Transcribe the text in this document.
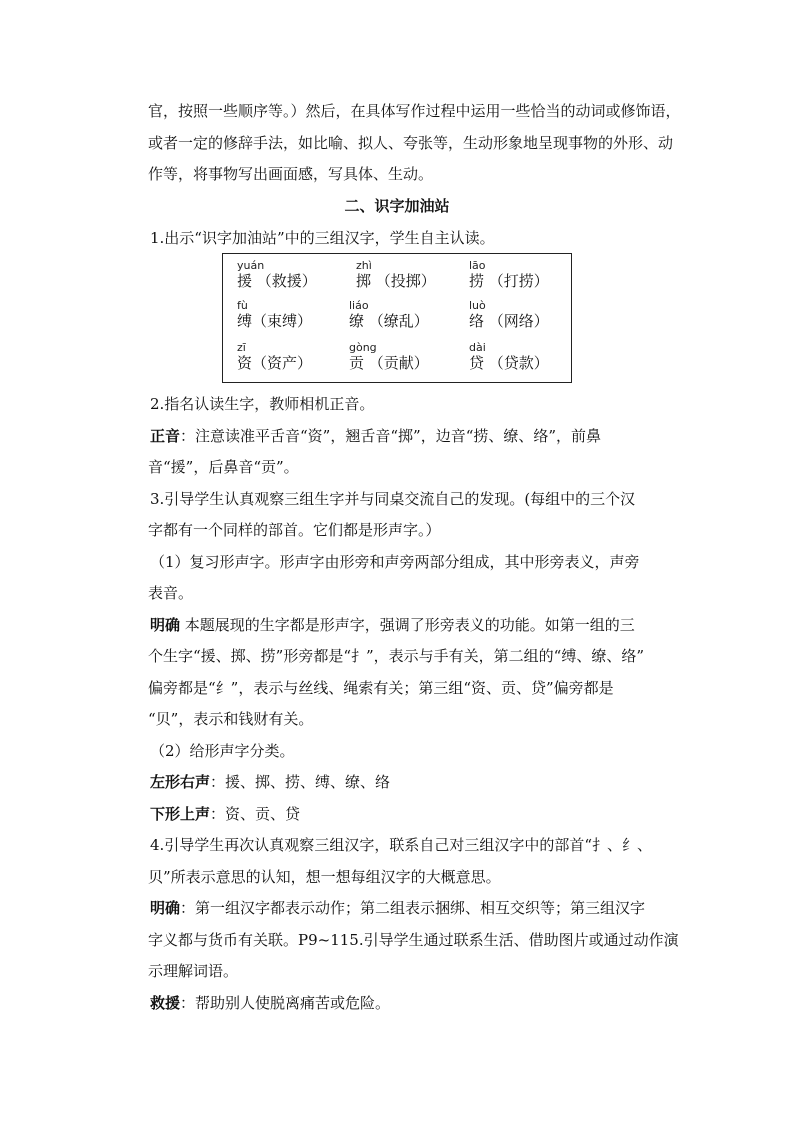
官，按照一些顺序等。）然后，在具体写作过程中运用一些恰当的动词或修饰语，
或者一定的修辞手法，如比喻、拟人、夸张等，生动形象地呈现事物的外形、动
作等，将事物写出画面感，写具体、生动。
二、识字加油站
1.出示“识字加油站”中的三组汉字，学生自主认读。
yuán
援 （救援）
zhì
掷 （投掷）
lāo
捞 （打捞）
fù
缚（束缚）
liáo
缭 （缭乱）
luò
络 （网络）
zī
资（资产）
gòng
贡 （贡献）
dài
贷 （贷款）
2.指名认读生字，教师相机正音。
正音：注意读准平舌音“资”，翘舌音“掷”，边音“捞、缭、络”，前鼻
音“援”，后鼻音“贡”。
3.引导学生认真观察三组生字并与同桌交流自己的发现。(每组中的三个汉
字都有一个同样的部首。它们都是形声字。）
（1）复习形声字。形声字由形旁和声旁两部分组成，其中形旁表义，声旁
表音。
明确 本题展现的生字都是形声字，强调了形旁表义的功能。如第一组的三
个生字“援、掷、捞”形旁都是“扌”，表示与手有关，第二组的“缚、缭、络”
偏旁都是“纟”，表示与丝线、绳索有关；第三组“资、贡、贷”偏旁都是
“贝”，表示和钱财有关。
（2）给形声字分类。
左形右声：援、掷、捞、缚、缭、络
下形上声：资、贡、贷
4.引导学生再次认真观察三组汉字，联系自己对三组汉字中的部首“扌、纟、
贝”所表示意思的认知，想一想每组汉字的大概意思。
明确：第一组汉字都表示动作；第二组表示捆绑、相互交织等；第三组汉字
字义都与货币有关联。P9~115.引导学生通过联系生活、借助图片或通过动作演
示理解词语。
救援：帮助别人使脱离痛苦或危险。
